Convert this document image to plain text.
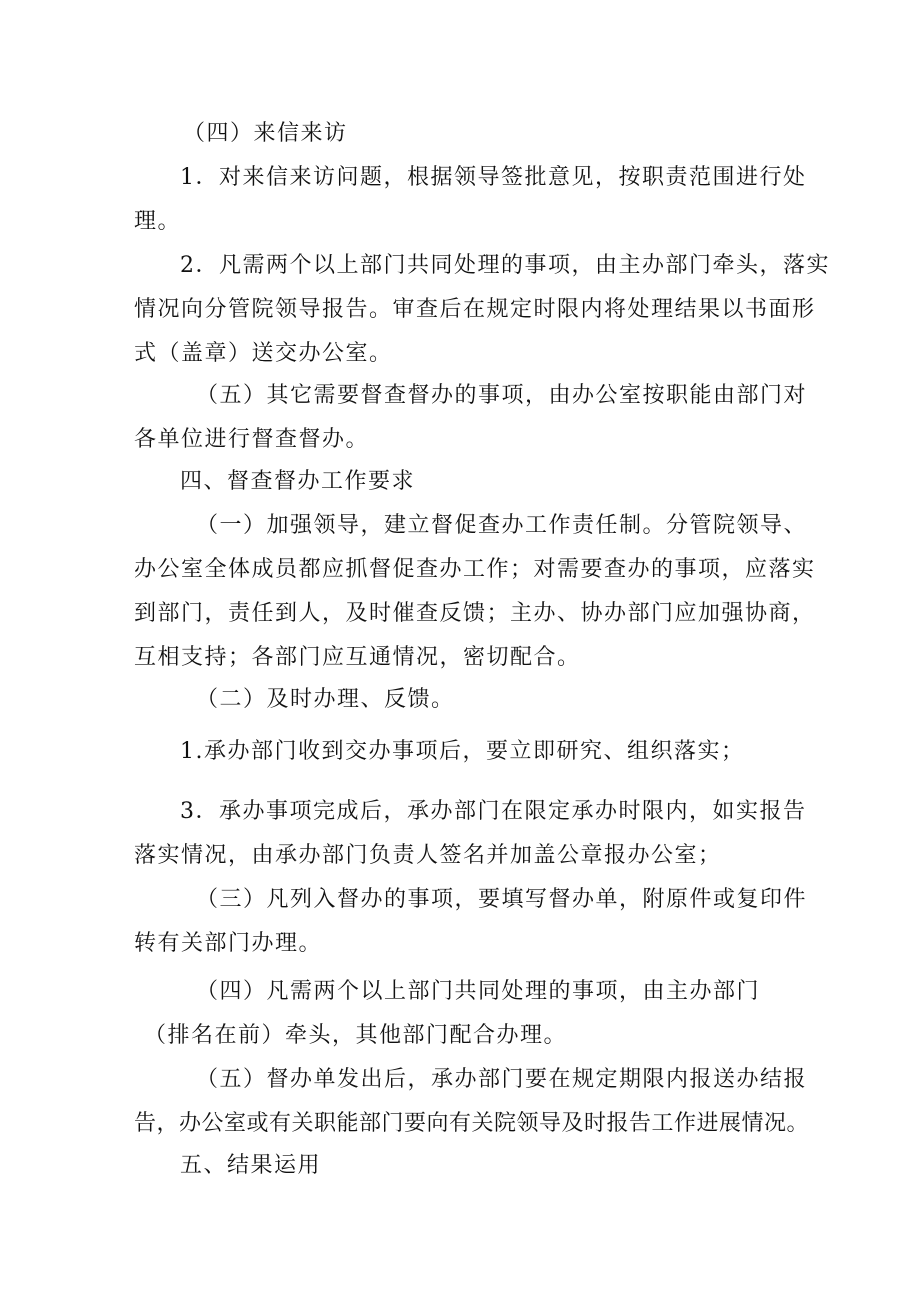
（四）来信来访
1．对来信来访问题，根据领导签批意见，按职责范围进行处
理。
2．凡需两个以上部门共同处理的事项，由主办部门牵头，落实
情况向分管院领导报告。审查后在规定时限内将处理结果以书面形
式（盖章）送交办公室。
（五）其它需要督查督办的事项，由办公室按职能由部门对
各单位进行督查督办。
四、督查督办工作要求
（一）加强领导，建立督促查办工作责任制。分管院领导、
办公室全体成员都应抓督促查办工作；对需要查办的事项，应落实
到部门，责任到人，及时催查反馈；主办、协办部门应加强协商，
互相支持；各部门应互通情况，密切配合。
（二）及时办理、反馈。
1.承办部门收到交办事项后，要立即研究、组织落实；
3．承办事项完成后，承办部门在限定承办时限内，如实报告
落实情况，由承办部门负责人签名并加盖公章报办公室；
（三）凡列入督办的事项，要填写督办单，附原件或复印件
转有关部门办理。
（四）凡需两个以上部门共同处理的事项，由主办部门
（排名在前）牵头，其他部门配合办理。
（五）督办单发出后，承办部门要在规定期限内报送办结报
告，办公室或有关职能部门要向有关院领导及时报告工作进展情况。
五、结果运用
